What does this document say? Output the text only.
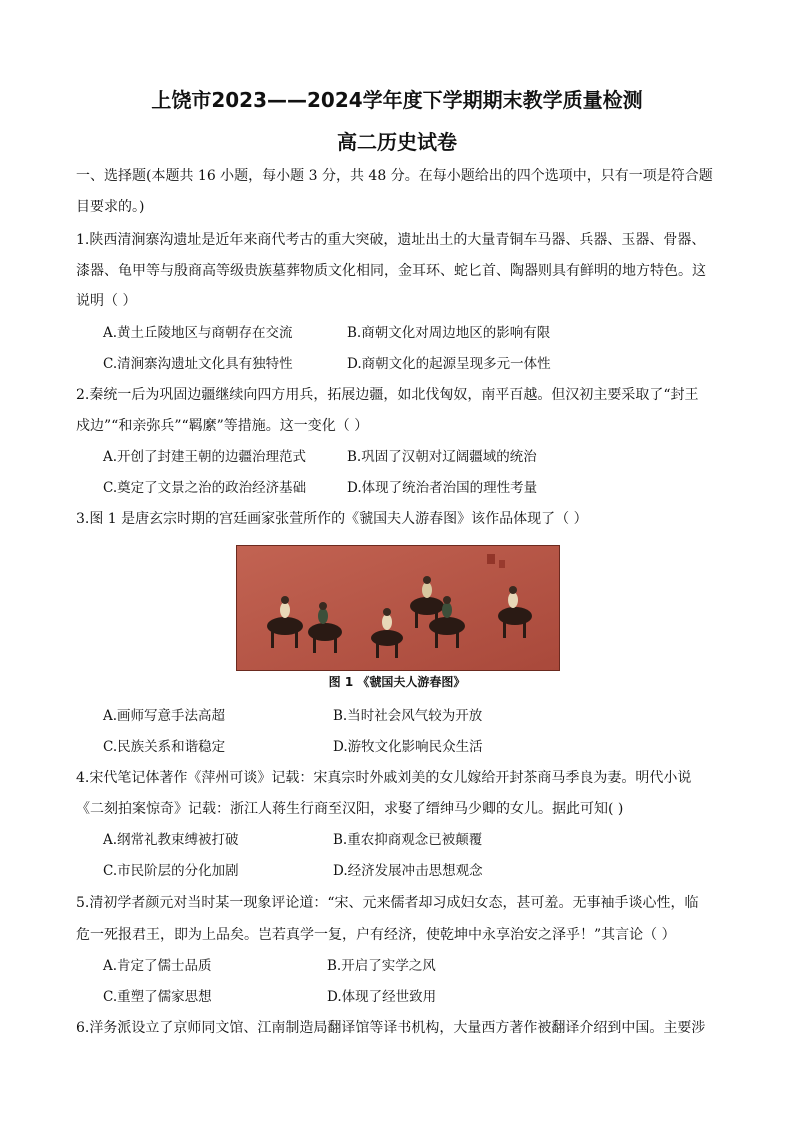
上饶市2023——2024学年度下学期期末教学质量检测
高二历史试卷
一、选择题(本题共 16 小题，每小题 3 分，共 48 分。在每小题给出的四个选项中，只有一项是符合题
目要求的。)
1.陕西清涧寨沟遗址是近年来商代考古的重大突破，遗址出土的大量青铜车马器、兵器、玉器、骨器、
漆器、龟甲等与殷商高等级贵族墓葬物质文化相同，金耳环、蛇匕首、陶器则具有鲜明的地方特色。这
说明（ ）
A.黄土丘陵地区与商朝存在交流	B.商朝文化对周边地区的影响有限
C.清涧寨沟遗址文化具有独特性	D.商朝文化的起源呈现多元一体性
2.秦统一后为巩固边疆继续向四方用兵，拓展边疆，如北伐匈奴，南平百越。但汉初主要采取了“封王
戍边”“和亲弥兵”“羁縻”等措施。这一变化（ ）
A.开创了封建王朝的边疆治理范式	B.巩固了汉朝对辽阔疆域的统治
C.奠定了文景之治的政治经济基础	D.体现了统治者治国的理性考量
3.图 1 是唐玄宗时期的宫廷画家张萱所作的《虢国夫人游春图》该作品体现了（ ）
图 1 《虢国夫人游春图》
A.画师写意手法高超	B.当时社会风气较为开放
C.民族关系和谐稳定	D.游牧文化影响民众生活
4.宋代笔记体著作《萍州可谈》记载：宋真宗时外戚刘美的女儿嫁给开封茶商马季良为妻。明代小说
《二刻拍案惊奇》记载：浙江人蒋生行商至汉阳，求娶了缙绅马少卿的女儿。据此可知( )
A.纲常礼教束缚被打破	B.重农抑商观念已被颠覆
C.市民阶层的分化加剧	D.经济发展冲击思想观念
5.清初学者颜元对当时某一现象评论道：“宋、元来儒者却习成妇女态，甚可羞。无事袖手谈心性，临
危一死报君王，即为上品矣。岂若真学一复，户有经济，使乾坤中永享治安之泽乎！”其言论（ ）
A.肯定了儒士品质	B.开启了实学之风
C.重塑了儒家思想	D.体现了经世致用
6.洋务派设立了京师同文馆、江南制造局翻译馆等译书机构，大量西方著作被翻译介绍到中国。主要涉
